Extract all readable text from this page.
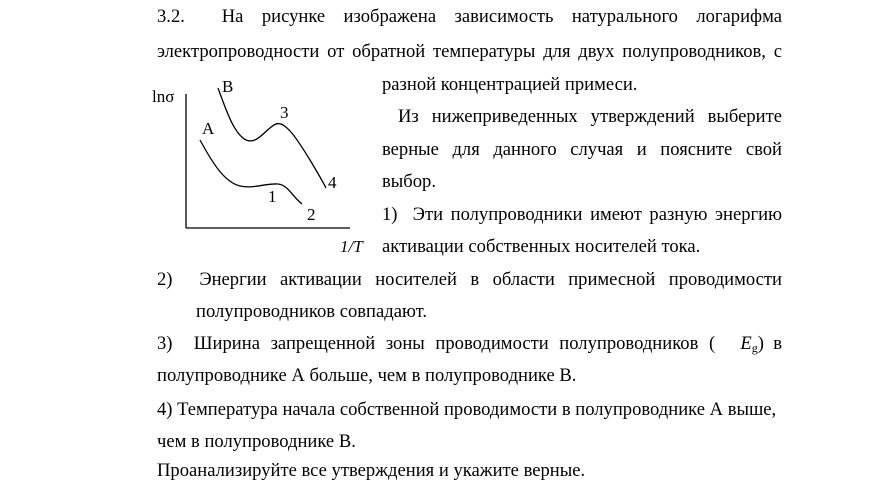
3.2.  На рисунке изображена зависимость натурального логарифма
электропроводности от обратной температуры для двух полупроводников, с
разной концентрацией примеси.
Из нижеприведенных утверждений выберите
верные для данного случая и поясните свой
выбор.
1)  Эти полупроводники имеют разную энергию
активации собственных носителей тока.
2)  Энергии активации носителей в области примесной проводимости
полупроводников совпадают.
3)  Ширина запрещенной зоны проводимости полупроводников ( $E_g$)  в
полупроводнике А больше, чем в полупроводнике В.
4) Температура начала собственной проводимости в полупроводнике А выше,
чем в полупроводнике В.
Проанализируйте все утверждения и укажите верные.
lnσ
1/T
A
B
1
2
3
4
